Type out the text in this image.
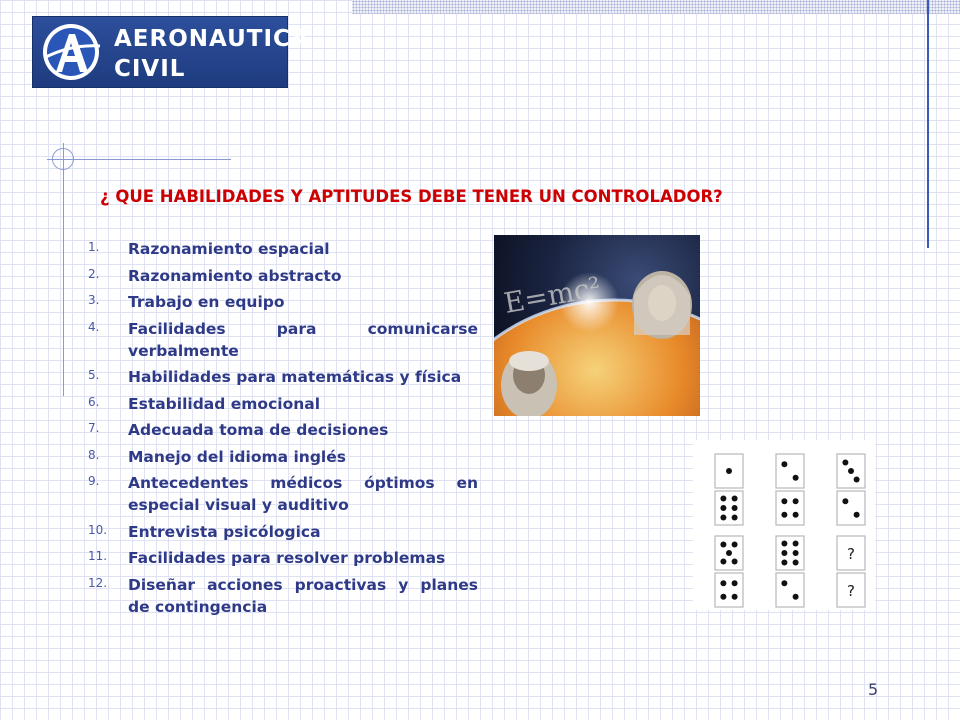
AERONAUTICA
CIVIL
¿ QUE HABILIDADES Y APTITUDES DEBE TENER UN CONTROLADOR?
1.	Razonamiento espacial
2.	Razonamiento abstracto
3.	Trabajo en equipo
4.	Facilidades para comunicarse verbalmente
5.	Habilidades para matemáticas y física
6.	Estabilidad emocional
7.	Adecuada toma de decisiones
8.	Manejo del idioma inglés
9.	Antecedentes médicos óptimos en especial visual y auditivo
10.	Entrevista psicólogica
11.	Facilidades para resolver problemas
12.	Diseñar acciones proactivas y planes de contingencia
E=mc²
?
?
5
